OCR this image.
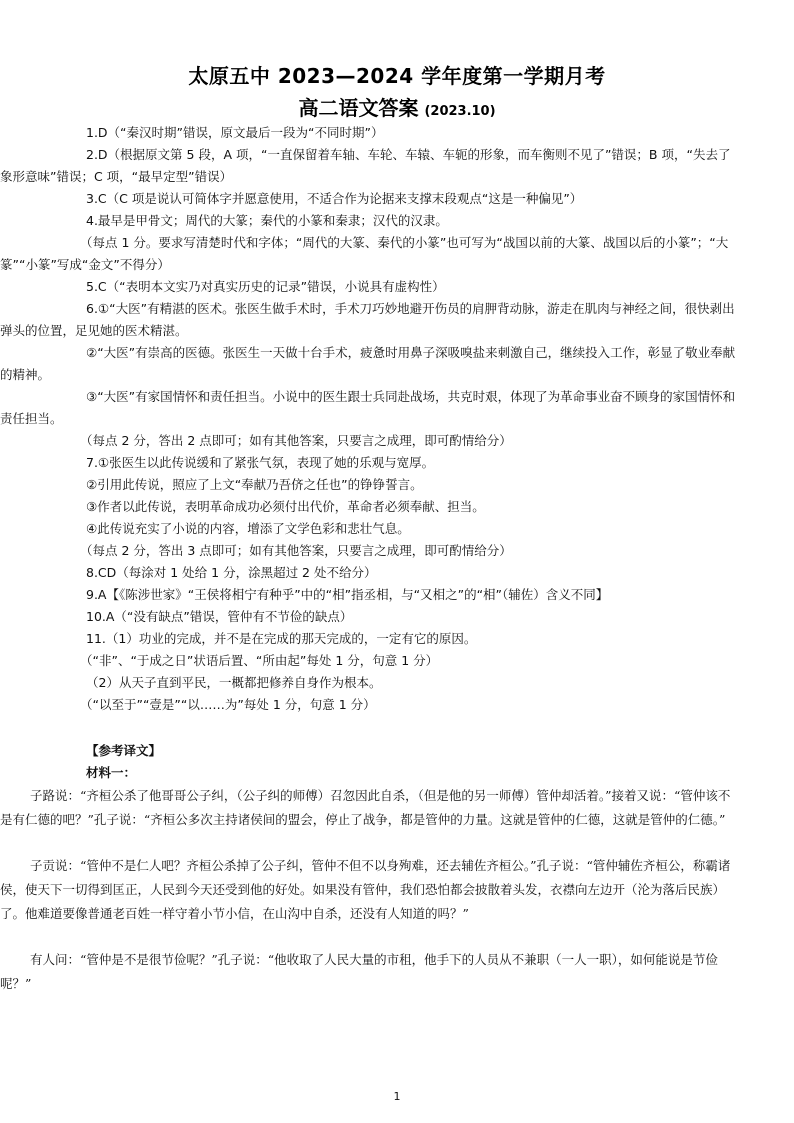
太原五中 2023—2024 学年度第一学期月考
高二语文答案 (2023.10)
1.D（“秦汉时期”错误，原文最后一段为“不同时期”）
2.D（根据原文第 5 段，A 项，“一直保留着车轴、车轮、车辕、车轭的形象，而车衡则不见了”错误；B 项，“失去了象形意味”错误；C 项，“最早定型”错误）
3.C（C 项是说认可简体字并愿意使用，不适合作为论据来支撑末段观点“这是一种偏见”）
4.最早是甲骨文；周代的大篆；秦代的小篆和秦隶；汉代的汉隶。
（每点 1 分。要求写清楚时代和字体；“周代的大篆、秦代的小篆”也可写为“战国以前的大篆、战国以后的小篆”；“大篆”“小篆”写成“金文”不得分）
5.C（“表明本文实乃对真实历史的记录”错误，小说具有虚构性）
6.①“大医”有精湛的医术。张医生做手术时，手术刀巧妙地避开伤员的肩胛背动脉，游走在肌肉与神经之间，很快剥出弹头的位置，足见她的医术精湛。
②“大医”有崇高的医德。张医生一天做十台手术，疲惫时用鼻子深吸嗅盐来刺激自己，继续投入工作，彰显了敬业奉献的精神。
③“大医”有家国情怀和责任担当。小说中的医生跟士兵同赴战场，共克时艰，体现了为革命事业奋不顾身的家国情怀和责任担当。
（每点 2 分，答出 2 点即可；如有其他答案，只要言之成理，即可酌情给分）
7.①张医生以此传说缓和了紧张气氛，表现了她的乐观与宽厚。
②引用此传说，照应了上文“奉献乃吾侪之任也”的铮铮誓言。
③作者以此传说，表明革命成功必须付出代价，革命者必须奉献、担当。
④此传说充实了小说的内容，增添了文学色彩和悲壮气息。
（每点 2 分，答出 3 点即可；如有其他答案，只要言之成理，即可酌情给分）
8.CD（每涂对 1 处给 1 分，涂黑超过 2 处不给分）
9.A【《陈涉世家》“王侯将相宁有种乎”中的“相”指丞相，与“又相之”的“相”（辅佐）含义不同】
10.A（“没有缺点”错误，管仲有不节俭的缺点）
11.（1）功业的完成，并不是在完成的那天完成的，一定有它的原因。
（“非”、“于成之日”状语后置、“所由起”每处 1 分，句意 1 分）
（2）从天子直到平民，一概都把修养自身作为根本。
（“以至于”“壹是”“以……为”每处 1 分，句意 1 分）
【参考译文】
材料一：

子路说：“齐桓公杀了他哥哥公子纠，（公子纠的师傅）召忽因此自杀，（但是他的另一师傅）管仲却活着。”接着又说：“管仲该不是有仁德的吧？”孔子说：“齐桓公多次主持诸侯间的盟会，停止了战争，都是管仲的力量。这就是管仲的仁德，这就是管仲的仁德。”

子贡说：“管仲不是仁人吧？齐桓公杀掉了公子纠，管仲不但不以身殉难，还去辅佐齐桓公。”孔子说：“管仲辅佐齐桓公，称霸诸侯，使天下一切得到匡正，人民到今天还受到他的好处。如果没有管仲，我们恐怕都会披散着头发，衣襟向左边开（沦为落后民族）了。他难道要像普通老百姓一样守着小节小信，在山沟中自杀，还没有人知道的吗？”

有人问：“管仲是不是很节俭呢？”孔子说：“他收取了人民大量的市租，他手下的人员从不兼职（一人一职），如何能说是节俭呢？”

1
